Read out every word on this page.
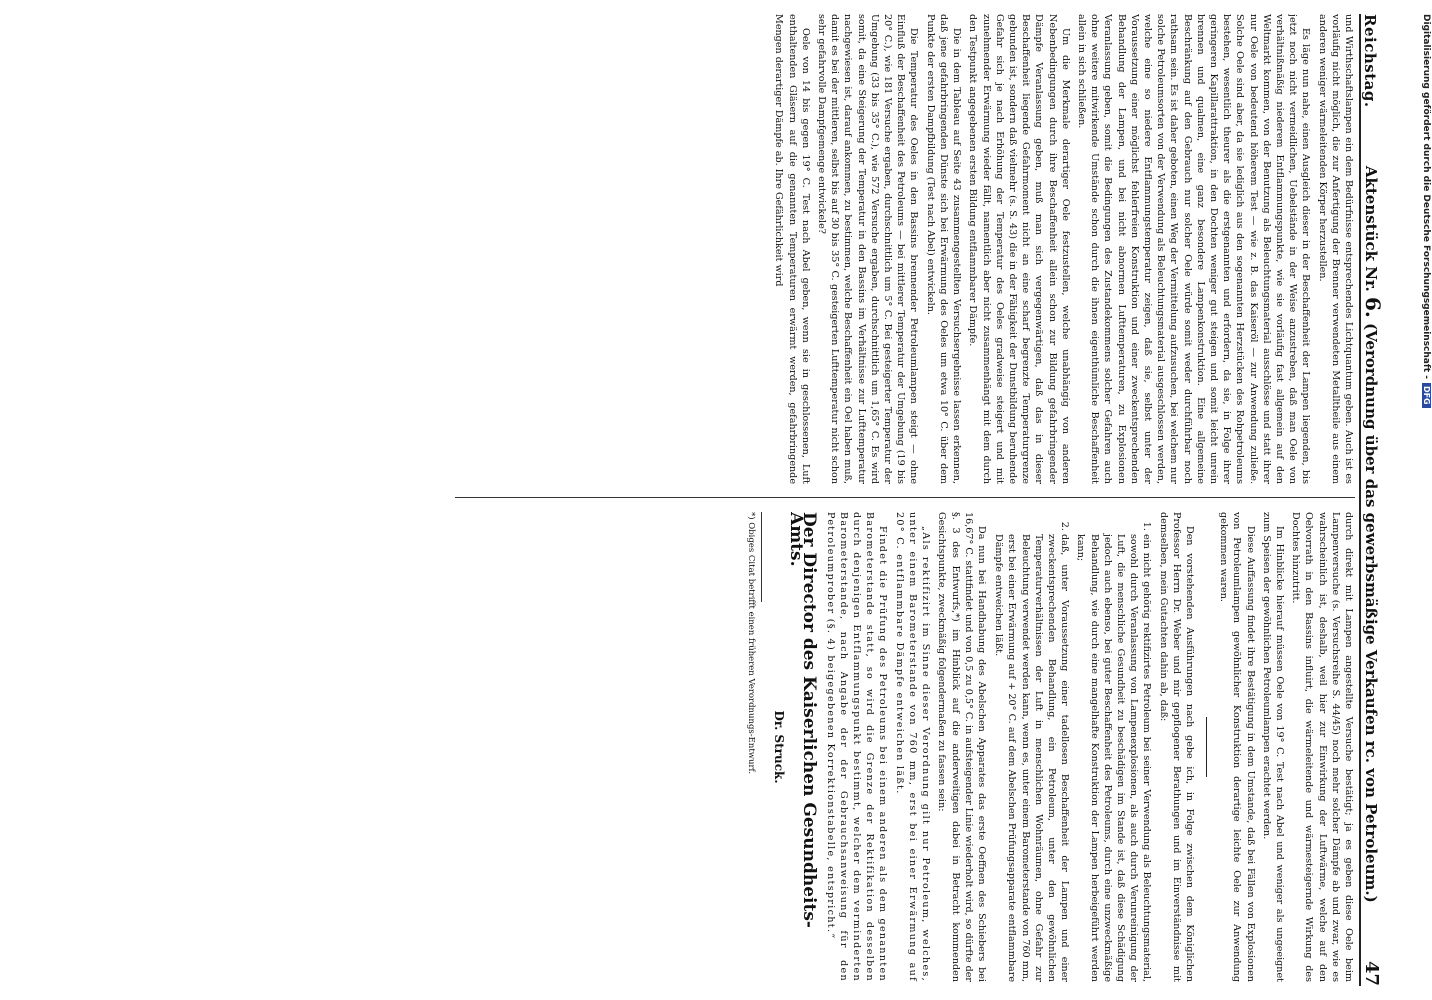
Reichstag.
Aktenstück Nr. 6. (Verordnung über das gewerbsmäßige Verkaufen rc. von Petroleum.)
47

und Wirthschaftslampen ein dem Bedürfnisse entsprechendes Lichtquantum geben. Auch ist es vorläufig nicht möglich, die zur Anfertigung der Brenner verwendeten Metalltheile aus einem anderen weniger wärmeleitenden Körper herzustellen.

Es läge nun nahe, einen Ausgleich dieser in der Beschaffenheit der Lampen liegenden, bis jetzt noch nicht vermeidlichen, Uebelstände in der Weise anzustreben, daß man Oele von verhältnißmäßig niederem Entflammungspunkte, wie sie vorläufig fast allgemein auf den Weltmarkt kommen, von der Benutzung als Beleuchtungsmaterial ausschlösse und statt ihrer nur Oele von bedeutend höherem Test — wie z. B. das Kaiseröl — zur Anwendung zuließe. Solche Oele sind aber, da sie lediglich aus den sogenannten Herzstücken des Rohpetroleums bestehen, wesentlich theurer als die erstgenannten und erfordern, da sie, in Folge ihrer geringeren Kapillarattraktion, in den Dochten weniger gut steigen und somit leicht unrein brennen und qualmen, eine ganz besondere Lampenkonstruktion. Eine allgemeine Beschränkung auf den Gebrauch nur solcher Oele würde somit weder durchführbar noch rathsam sein. Es ist daher geboten, einen Weg der Vermittelung aufzusuchen, bei welchem nur solche Petroleumsorten von der Verwendung als Beleuchtungsmaterial ausgeschlossen werden, welche eine so niedere Entflammungstemperatur zeigen, daß sie, selbst unter der Voraussetzung einer möglichst fehlerfreien Konstruktion und einer zweckentsprechenden Behandlung der Lampen, und bei nicht abnormen Lufttemperaturen, zu Explosionen Veranlassung geben, somit die Bedingungen des Zustandekommens solcher Gefahren auch ohne weitere mitwirkende Umstände schon durch die ihnen eigenthümliche Beschaffenheit allein in sich schließen.

Um die Merkmale derartiger Oele festzustellen, welche unabhängig von anderen Nebenbedingungen durch ihre Beschaffenheit allein schon zur Bildung gefahrbringender Dämpfe Veranlassung geben, muß man sich vergegenwärtigen, daß das in dieser Beschaffenheit liegende Gefahrmoment nicht an eine scharf begrenzte Temperaturgrenze gebunden ist, sondern daß vielmehr (s. S. 43) die in der Fähigkeit der Dunstbildung beruhende Gefahr sich je nach Erhöhung der Temperatur des Oeles gradweise steigert und mit zunehmender Erwärmung wieder fällt, namentlich aber nicht zusammenhängt mit dem durch den Testpunkt angegebenen ersten Bildung entflammbarer Dämpfe.

Die in dem Tableau auf Seite 43 zusammengestellten Versuchsergebnisse lassen erkennen, daß jene gefahrbringenden Dünste sich bei Erwärmung des Oeles um etwa 10° C. über dem Punkte der ersten Dampfbildung (Test nach Abel) entwickeln.

Die Temperatur des Oeles in den Bassins brennender Petroleumlampen steigt — ohne Einfluß der Beschaffenheit des Petroleums — bei mittlerer Temperatur der Umgebung (19 bis 20° C.), wie 181 Versuche ergaben, durchschnittlich um 5° C. Bei gesteigerter Temperatur der Umgebung (33 bis 35° C.), wie 572 Versuche ergaben, durchschnittlich um 1,65° C. Es wird somit, da eine Steigerung der Temperatur in den Bassins im Verhältnisse zur Lufttemperatur nachgewiesen ist, darauf ankommen, zu bestimmen, welche Beschaffenheit ein Oel haben muß, damit es bei der mittleren, selbst bis auf 30 bis 35° C. gesteigerten Lufttemperatur nicht schon sehr gefahrvolle Dampfgemenge entwickele?

Oele von 14 bis gegen 19° C. Test nach Abel geben, wenn sie in geschlossenen, Luft enthaltenden Gläsern auf die genannten Temperaturen erwärmt werden, gefahrbringende Mengen derartiger Dämpfe ab. Ihre Gefährlichkeit wird

durch direkt mit Lampen angestellte Versuche bestätigt; ja es geben diese Oele beim Lampenversuche (s. Versuchsreihe S. 44/45) noch mehr solcher Dämpfe ab und zwar, wie es wahrscheinlich ist, deshalb, weil hier zur Einwirkung der Luftwärme, welche auf den Oelvorrath in den Bassins influirt, die wärmeleitende und wärmesteigernde Wirkung des Dochtes hinzutritt.

Im Hinblicke hierauf müssen Oele von 19° C. Test nach Abel und weniger als ungeeignet zum Speisen der gewöhnlichen Petroleumlampen erachtet werden.

Diese Auffassung findet ihre Bestätigung in dem Umstande, daß bei Fällen von Explosionen von Petroleumlampen gewöhnlicher Konstruktion derartige leichte Oele zur Anwendung gekommen waren.

Den vorstehenden Ausführungen nach gebe ich, in Folge zwischen dem Königlichen Professor Herrn Dr. Weber und mir gepflogener Berathungen und im Einverständnisse mit demselben, mein Gutachten dahin ab, daß:

1. ein nicht gehörig rektifizirtes Petroleum bei seiner Verwendung als Beleuchtungsmaterial, sowohl durch Veranlassung von Lampenexplosionen, als auch durch Verunreinigung der Luft, die menschliche Gesundheit zu beschädigen im Stande ist, daß diese Schädigung jedoch auch ebenso, bei guter Beschaffenheit des Petroleums, durch eine unzweckmäßige Behandlung, wie durch eine mangelhafte Konstruktion der Lampen herbeigeführt werden kann;
2. daß, unter Voraussetzung einer tadellosen Beschaffenheit der Lampen und einer zweckentsprechenden Behandlung, ein Petroleum, unter den gewöhnlichen Temperaturverhältnissen der Luft in menschlichen Wohnräumen, ohne Gefahr zur Beleuchtung verwendet werden kann, wenn es, unter einem Barometerstande von 760 mm, erst bei einer Erwärmung auf + 20° C. auf dem Abelschen Prüfungsapparate entflammbare Dämpfe entweichen läßt.

Da nun bei Handhabung des Abelschen Apparates das erste Oeffnen des Schiebers bei 16,67° C. stattfindet und von 0,5 zu 0,5° C. in aufsteigender Linie wiederholt wird, so dürfte der §. 3 des Entwurfs,*) im Hinblick auf die anderweitigen dabei in Betracht kommenden Gesichtspunkte, zweckmäßig folgendermaßen zu fassen sein:

„Als rektifizirt im Sinne dieser Verordnung gilt nur Petroleum, welches, unter einem Barometerstande von 760 mm, erst bei einer Erwärmung auf 20° C. entflammbare Dämpfe entweichen läßt.

Findet die Prüfung des Petroleums bei einem anderen als dem genannten Barometerstande statt, so wird die Grenze der Rektifikation desselben durch denjenigen Entflammungspunkt bestimmt, welcher dem verminderten Barometerstande, nach Angabe der der Gebrauchsanweisung für den Petroleumprober (§. 4) beigegebenen Korrektionstabelle, entspricht.“

Der Director des Kaiserlichen Gesundheits-Amts.
Dr. Struck.
*) Obiges Citat betrifft einen früheren Verordnungs-Entwurf.
Digitalisierung gefördert durch die Deutsche Forschungsgemeinschaft -DFG
